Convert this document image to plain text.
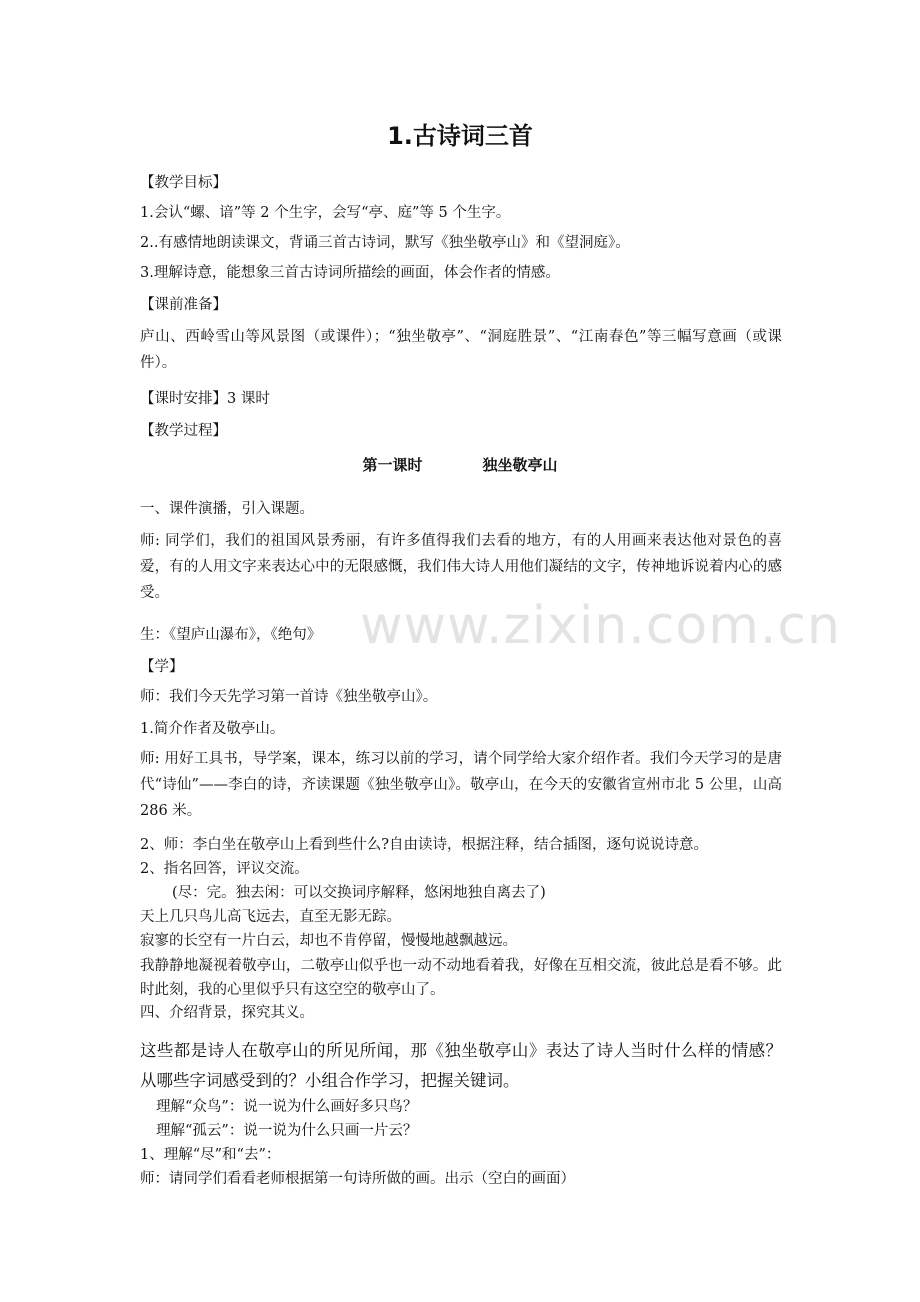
www.zixin.com.cn
1.古诗词三首
【教学目标】
1.会认“螺、谙”等 2 个生字，会写“亭、庭”等 5 个生字。
2..有感情地朗读课文，背诵三首古诗词，默写《独坐敬亭山》和《望洞庭》。
3.理解诗意，能想象三首古诗词所描绘的画面，体会作者的情感。
【课前准备】
庐山、西岭雪山等风景图（或课件）；“独坐敬亭”、“洞庭胜景”、“江南春色”等三幅写意画（或课件）。
【课时安排】3 课时
【教学过程】
第一课时	独坐敬亭山
一、课件演播，引入课题。
师: 同学们，我们的祖国风景秀丽，有许多值得我们去看的地方，有的人用画来表达他对景色的喜爱，有的人用文字来表达心中的无限感慨，我们伟大诗人用他们凝结的文字，传神地诉说着内心的感受。
生：《望庐山瀑布》，《绝句》
【学】
师：我们今天先学习第一首诗《独坐敬亭山》。
1.简介作者及敬亭山。
师: 用好工具书，导学案，课本，练习以前的学习，请个同学给大家介绍作者。我们今天学习的是唐代“诗仙”——李白的诗，齐读课题《独坐敬亭山》。敬亭山，在今天的安徽省宣州市北 5 公里，山高 286 米。
2、师：李白坐在敬亭山上看到些什么?自由读诗，根据注释，结合插图，逐句说说诗意。
2、指名回答，评议交流。
(尽：完。独去闲：可以交换词序解释，悠闲地独自离去了)
天上几只鸟儿高飞远去，直至无影无踪。
寂寥的长空有一片白云，却也不肯停留，慢慢地越飘越远。
我静静地凝视着敬亭山，二敬亭山似乎也一动不动地看着我，好像在互相交流，彼此总是看不够。此时此刻，我的心里似乎只有这空空的敬亭山了。
四、介绍背景，探究其义。
这些都是诗人在敬亭山的所见所闻，那《独坐敬亭山》表达了诗人当时什么样的情感？从哪些字词感受到的？小组合作学习，把握关键词。
理解“众鸟”：说一说为什么画好多只鸟？
理解“孤云”：说一说为什么只画一片云？
1、理解“尽”和“去”：
师：请同学们看看老师根据第一句诗所做的画。出示（空白的画面）
